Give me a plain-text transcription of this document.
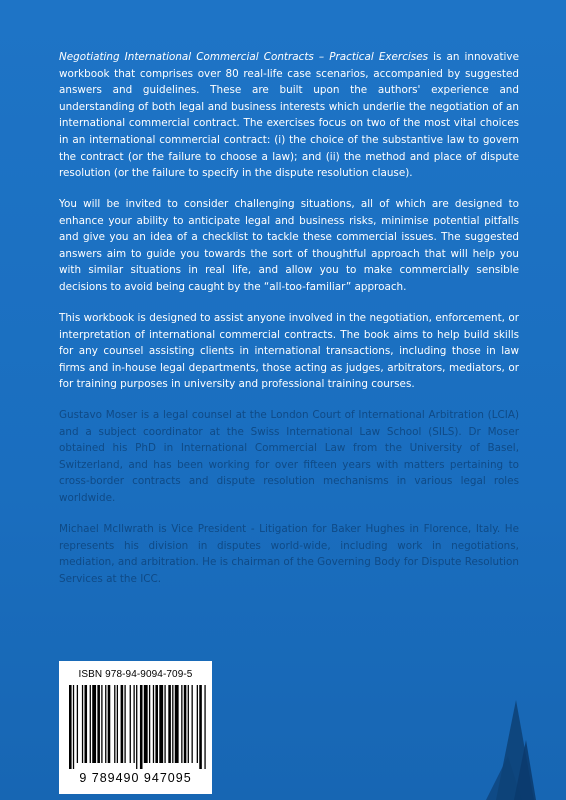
Negotiating International Commercial Contracts – Practical Exercises is an innovative workbook that comprises over 80 real-life case scenarios, accompanied by suggested answers and guidelines. These are built upon the authors' experience and understanding of both legal and business interests which underlie the negotiation of an international commercial contract. The exercises focus on two of the most vital choices in an international commercial contract: (i) the choice of the substantive law to govern the contract (or the failure to choose a law); and (ii) the method and place of dispute resolution (or the failure to specify in the dispute resolution clause).

You will be invited to consider challenging situations, all of which are designed to enhance your ability to anticipate legal and business risks, minimise potential pitfalls and give you an idea of a checklist to tackle these commercial issues. The suggested answers aim to guide you towards the sort of thoughtful approach that will help you with similar situations in real life, and allow you to make commercially sensible decisions to avoid being caught by the “all-too-familiar” approach.

This workbook is designed to assist anyone involved in the negotiation, enforcement, or interpretation of international commercial contracts. The book aims to help build skills for any counsel assisting clients in international transactions, including those in law firms and in-house legal departments, those acting as judges, arbitrators, mediators, or for training purposes in university and professional training courses.

Gustavo Moser is a legal counsel at the London Court of International Arbitration (LCIA) and a subject coordinator at the Swiss International Law School (SILS). Dr Moser obtained his PhD in International Commercial Law from the University of Basel, Switzerland, and has been working for over fifteen years with matters pertaining to cross-border contracts and dispute resolution mechanisms in various legal roles worldwide.

Michael McIlwrath is Vice President - Litigation for Baker Hughes in Florence, Italy. He represents his division in disputes world-wide, including work in negotiations, mediation, and arbitration. He is chairman of the Governing Body for Dispute Resolution Services at the ICC.

ISBN 978-94-9094-709-5
9 789490 947095
